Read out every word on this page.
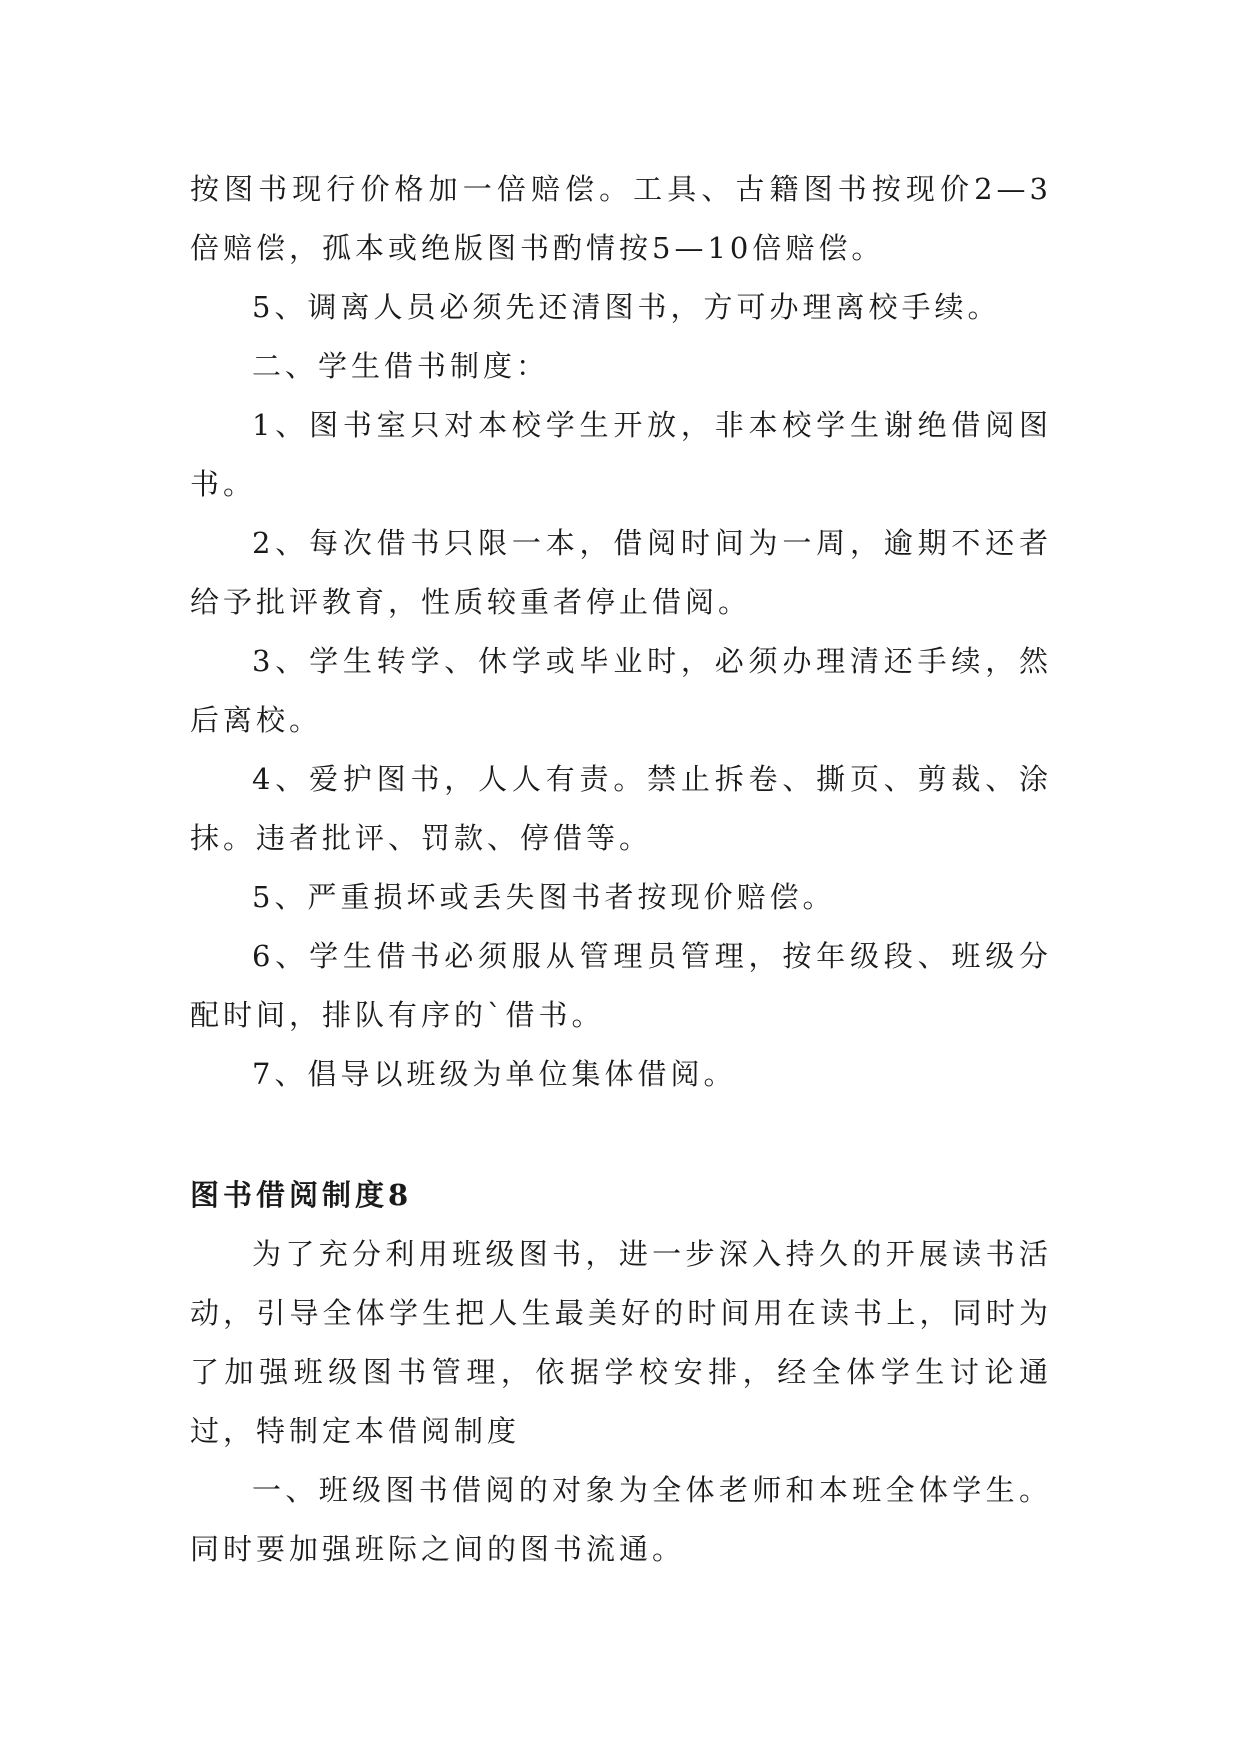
按图书现行价格加一倍赔偿。工具、古籍图书按现价2—3倍赔偿，孤本或绝版图书酌情按5—10倍赔偿。

5、调离人员必须先还清图书，方可办理离校手续。

二、学生借书制度：

1、图书室只对本校学生开放，非本校学生谢绝借阅图书。

2、每次借书只限一本，借阅时间为一周，逾期不还者给予批评教育，性质较重者停止借阅。

3、学生转学、休学或毕业时，必须办理清还手续，然后离校。

4、爱护图书，人人有责。禁止拆卷、撕页、剪裁、涂抹。违者批评、罚款、停借等。

5、严重损坏或丢失图书者按现价赔偿。

6、学生借书必须服从管理员管理，按年级段、班级分配时间，排队有序的`借书。

7、倡导以班级为单位集体借阅。

图书借阅制度8

为了充分利用班级图书，进一步深入持久的开展读书活动，引导全体学生把人生最美好的时间用在读书上，同时为了加强班级图书管理，依据学校安排，经全体学生讨论通过，特制定本借阅制度

一、班级图书借阅的对象为全体老师和本班全体学生。同时要加强班际之间的图书流通。
